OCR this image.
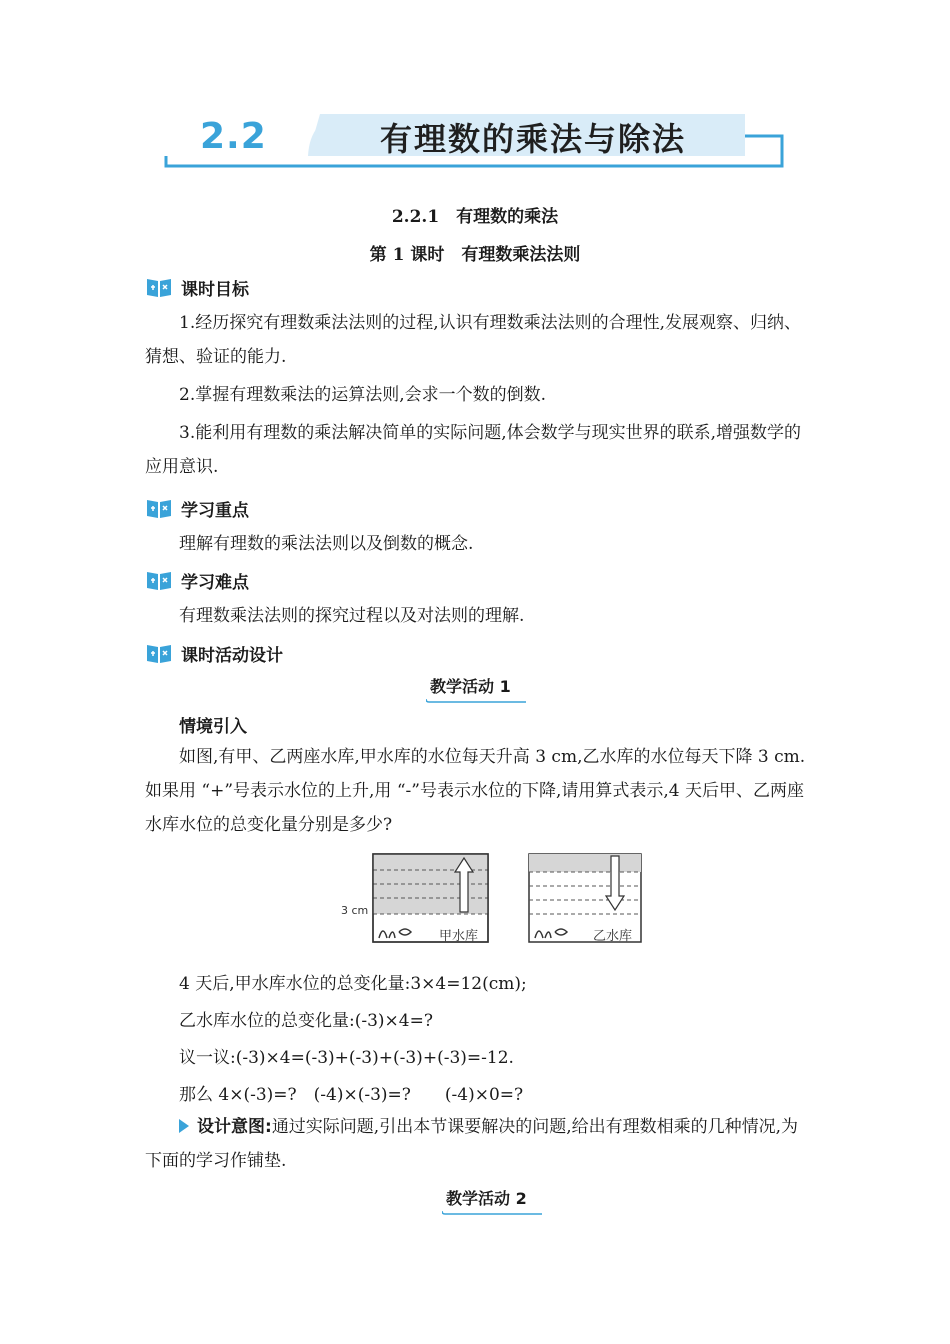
2.2	有理数的乘法与除法
2.2.1　有理数的乘法
第 1 课时　有理数乘法法则
课时目标
1.经历探究有理数乘法法则的过程,认识有理数乘法法则的合理性,发展观察、归纳、猜想、验证的能力.
2.掌握有理数乘法的运算法则,会求一个数的倒数.
3.能利用有理数的乘法解决简单的实际问题,体会数学与现实世界的联系,增强数学的应用意识.
学习重点
理解有理数的乘法法则以及倒数的概念.
学习难点
有理数乘法法则的探究过程以及对法则的理解.
课时活动设计
教学活动 1
情境引入
如图,有甲、乙两座水库,甲水库的水位每天升高 3 cm,乙水库的水位每天下降 3 cm.如果用 “+”号表示水位的上升,用 “-”号表示水位的下降,请用算式表示,4 天后甲、乙两座水库水位的总变化量分别是多少?
3 cm
甲水库	乙水库
4 天后,甲水库水位的总变化量:3×4=12(cm);
乙水库水位的总变化量:(-3)×4=?
议一议:(-3)×4=(-3)+(-3)+(-3)+(-3)=-12.
那么 4×(-3)=?　(-4)×(-3)=?　　(-4)×0=?
设计意图:通过实际问题,引出本节课要解决的问题,给出有理数相乘的几种情况,为下面的学习作铺垫.
教学活动 2
